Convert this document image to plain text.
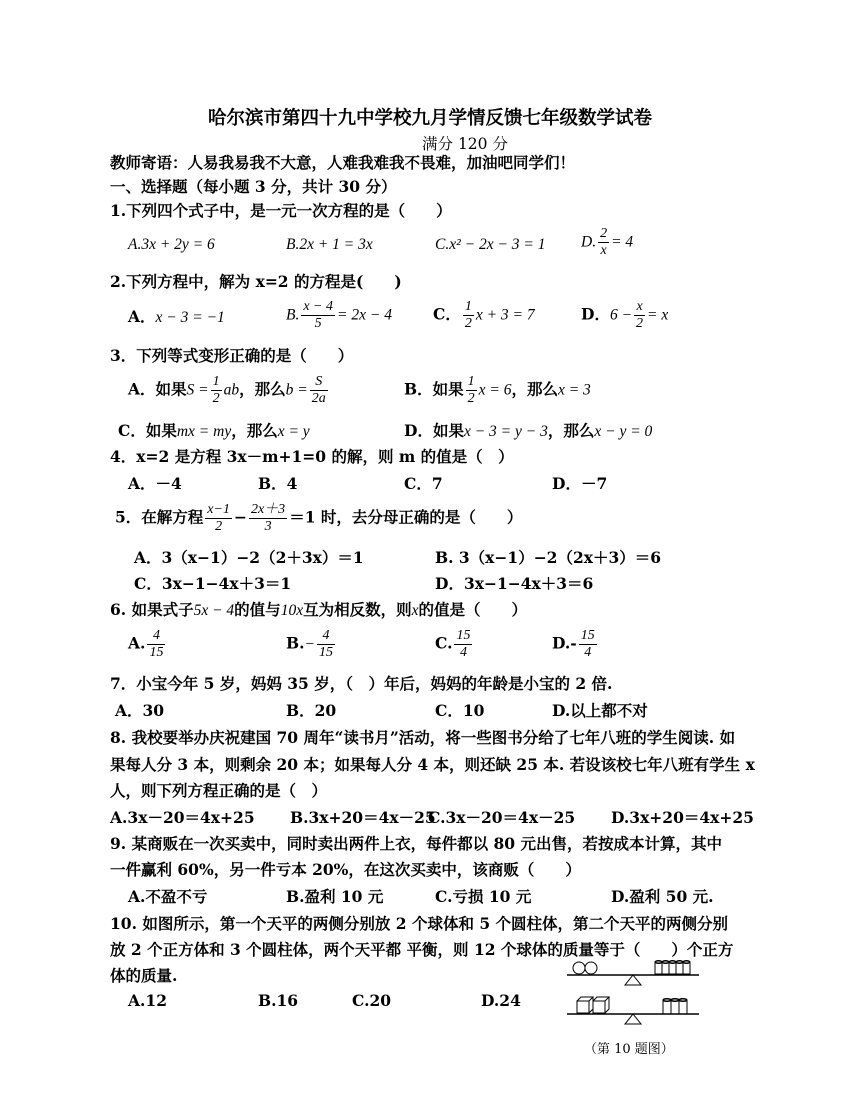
哈尔滨市第四十九中学校九月学情反馈七年级数学试卷
满分 120 分
教师寄语：人易我易我不大意，人难我难我不畏难，加油吧同学们！
一、选择题（每小题 3 分，共计 30 分）
1.下列四个式子中，是一元一次方程的是（　　）
A.3x + 2y = 6	B.2x + 1 = 3x	C.x² − 2x − 3 = 1 D. $\frac{2}{x} = 4$
2.下列方程中，解为 x=2 的方程是(　　)
A．x − 3 = −1	B. $\frac{x - 4}{5} = 2x - 4$	C． $\frac{1}{2}$ x + 3 = 7	D．$6 - \frac{x}{2} = x$
3．下列等式变形正确的是（　　）
A．如果$S = \frac{1}{2}$ ab，那么$b = \frac{S}{2a}$	B．如果 $\frac{1}{2}$ x = 6，那么x = 3
C．如果mx = my，那么x = y	D．如果x − 3 = y − 3，那么x − y = 0
4．x=2 是方程 3x－m+1=0 的解，则 m 的值是（　）
A．－4	B．4	C．7	D．－7
5．在解方程 $\frac{x-1}{2} - \frac{2x+3}{3} =1$ 时，去分母正确的是（　　）
A．3（x−1）−2（2＋3x）＝1	B. 3（x−1）−2（2x＋3）＝6
C．3x−1−4x＋3＝1	D．3x−1−4x＋3＝6
6. 如果式子5x − 4的值与10x互为相反数，则x的值是（　　）
A. $\frac{4}{15}$	$B.- \frac{4}{15}$	C. $\frac{15}{4}$	$D.- \frac{15}{4}$
7．小宝今年 5 岁，妈妈 35 岁，（　）年后，妈妈的年龄是小宝的 2 倍.
A．30	B．20	C．10	D.以上都不对
8. 我校要举办庆祝建国 70 周年“读书月”活动，将一些图书分给了七年八班的学生阅读. 如
果每人分 3 本，则剩余 20 本；如果每人分 4 本，则还缺 25 本. 若设该校七年八班有学生 x
人，则下列方程正确的是（　）
A.3x－20＝4x+25 B.3x+20＝4x－25
C.3x－20＝4x－25 D.3x+20＝4x+25
9. 某商贩在一次买卖中，同时卖出两件上衣，每件都以 80 元出售，若按成本计算，其中
一件赢利 60%，另一件亏本 20%，在这次买卖中，该商贩（　　）
A.不盈不亏	B.盈利 10 元	C.亏损 10 元	D.盈利 50 元.
10. 如图所示，第一个天平的两侧分别放 2 个球体和 5 个圆柱体，第二个天平的两侧分别
放 2 个正方体和 3 个圆柱体，两个天平都 平衡，则 12 个球体的质量等于（　　）个正方
体的质量.
A.12	B.16	C.20	D.24
（第 10 题图）
